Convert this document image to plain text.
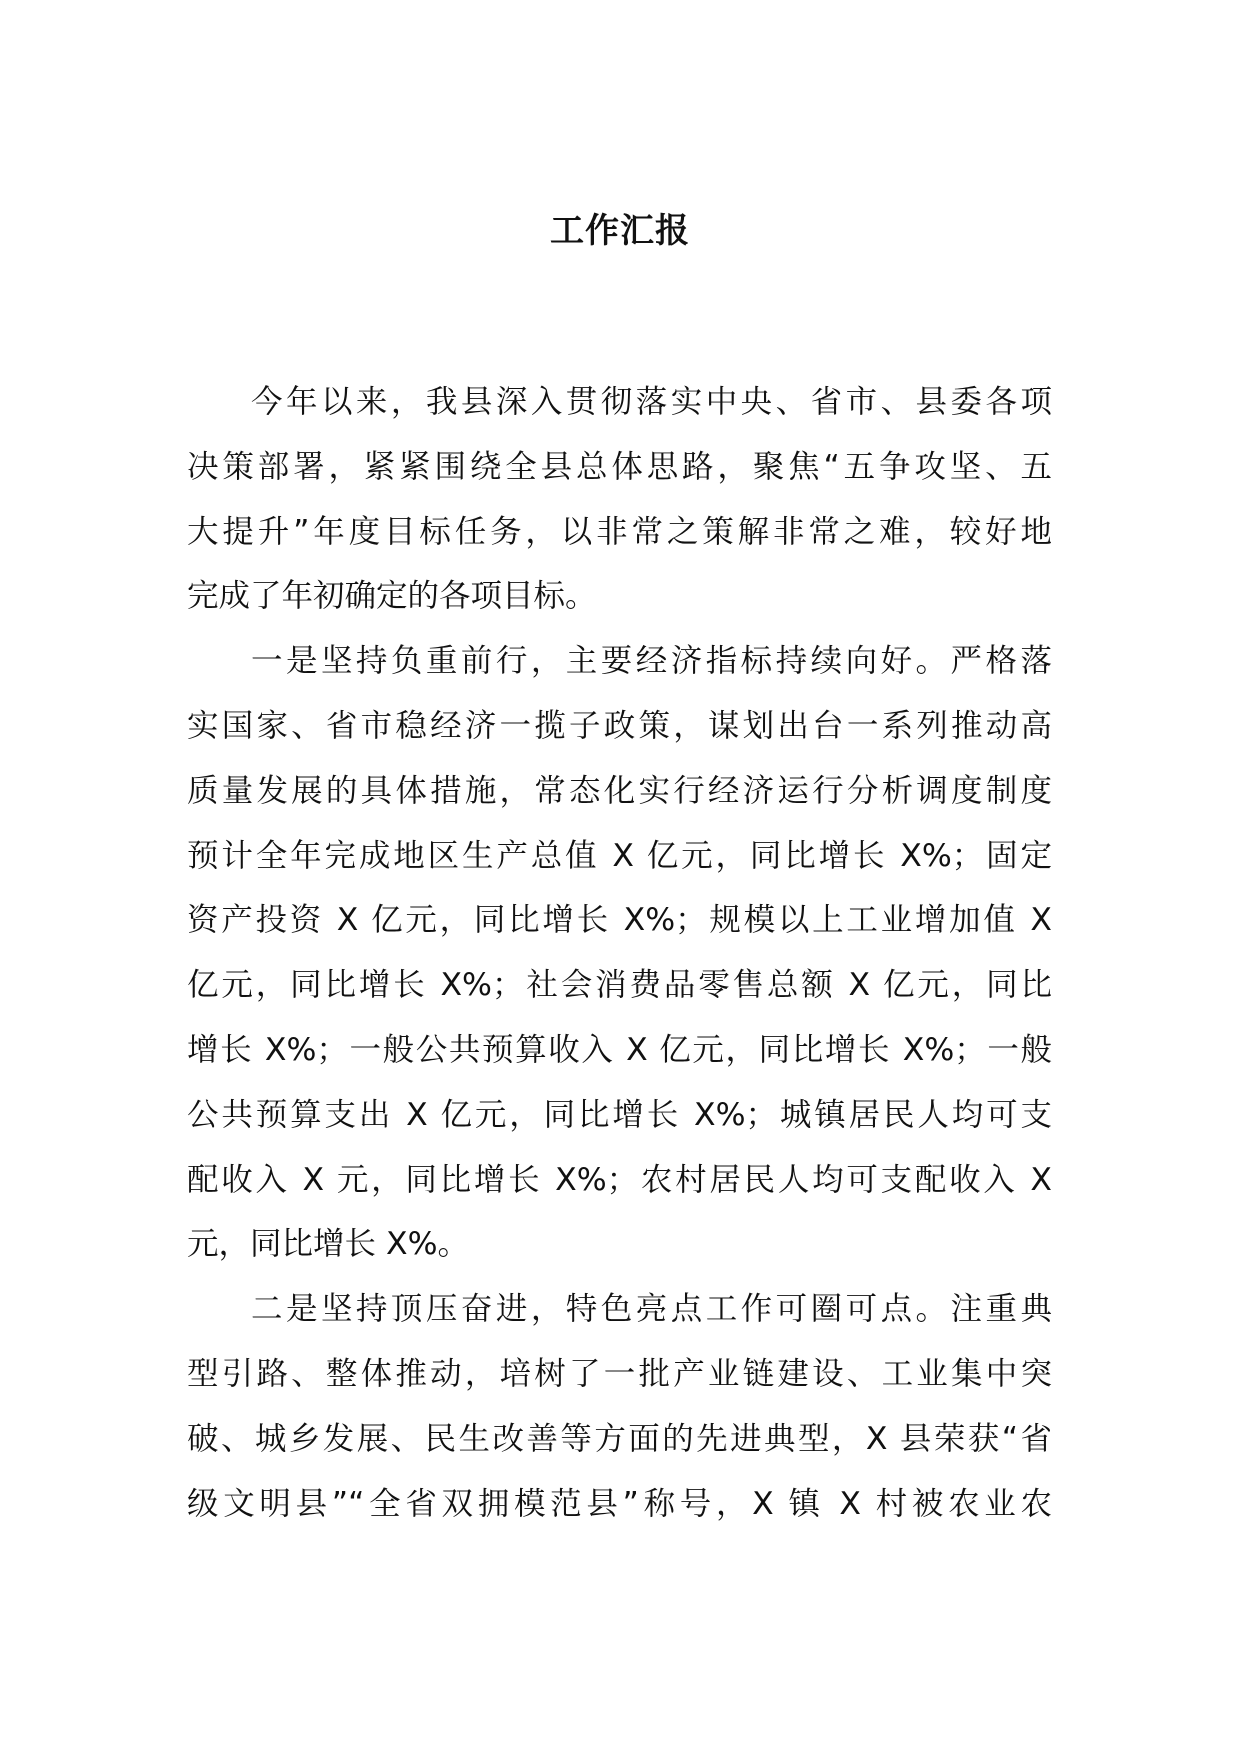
工作汇报
今年以来，我县深入贯彻落实中央、省市、县委各项
决策部署，紧紧围绕全县总体思路，聚焦“五争攻坚、五
大提升”年度目标任务，以非常之策解非常之难，较好地
完成了年初确定的各项目标。
一是坚持负重前行，主要经济指标持续向好。严格落
实国家、省市稳经济一揽子政策，谋划出台一系列推动高
质量发展的具体措施，常态化实行经济运行分析调度制度
预计全年完成地区生产总值 X 亿元，同比增长 X%；固定
资产投资 X 亿元，同比增长 X%；规模以上工业增加值 X
亿元，同比增长 X%；社会消费品零售总额 X 亿元，同比
增长 X%；一般公共预算收入 X 亿元，同比增长 X%；一般
公共预算支出 X 亿元，同比增长 X%；城镇居民人均可支
配收入 X 元，同比增长 X%；农村居民人均可支配收入 X
元，同比增长 X%。
二是坚持顶压奋进，特色亮点工作可圈可点。注重典
型引路、整体推动，培树了一批产业链建设、工业集中突
破、城乡发展、民生改善等方面的先进典型，X 县荣获“省
级文明县”“全省双拥模范县”称号，X 镇 X 村被农业农
